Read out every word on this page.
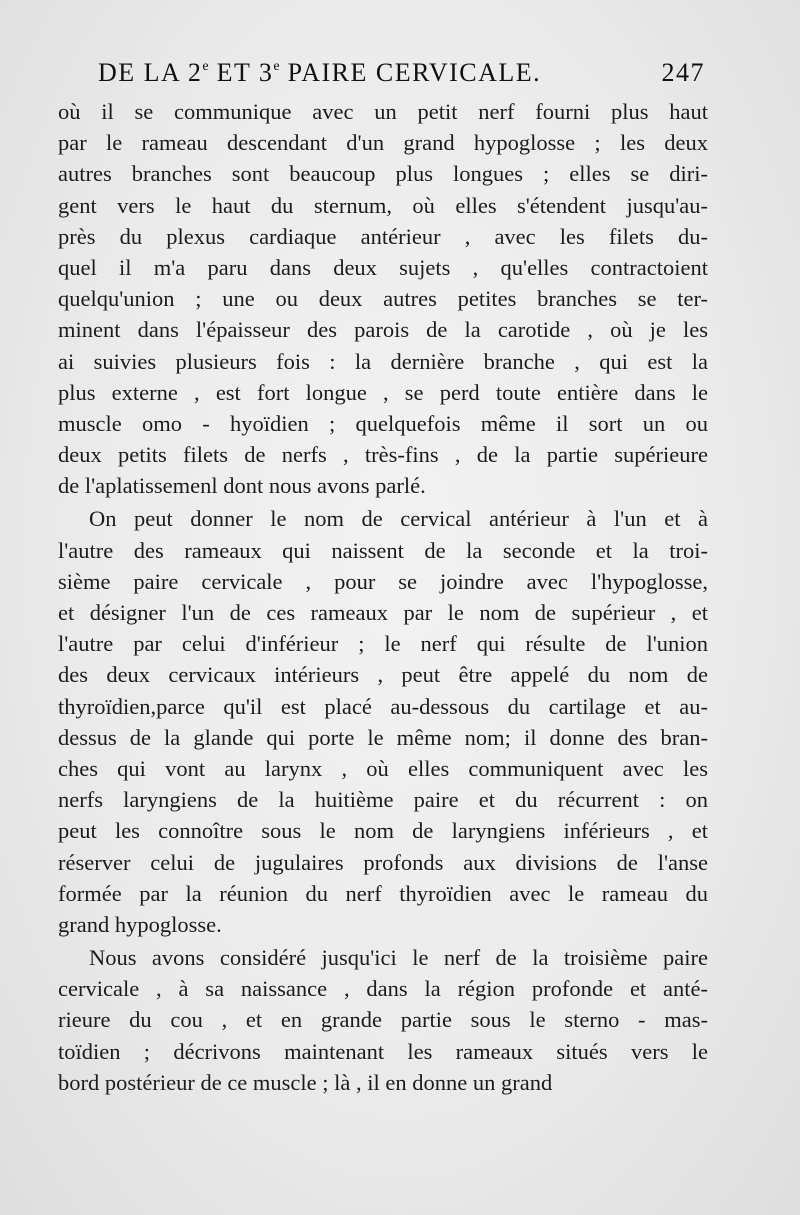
DE LA 2e ET 3e PAIRE CERVICALE.	247
où il se communique avec un petit nerf fourni plus haut
par le rameau descendant d'un grand hypoglosse ; les deux
autres branches sont beaucoup plus longues ; elles se diri-
gent vers le haut du sternum, où elles s'étendent jusqu'au-
près du plexus cardiaque antérieur , avec les filets du-
quel il m'a paru dans deux sujets , qu'elles contractoient
quelqu'union ; une ou deux autres petites branches se ter-
minent dans l'épaisseur des parois de la carotide , où je les
ai suivies plusieurs fois : la dernière branche , qui est la
plus externe , est fort longue , se perd toute entière dans le
muscle omo - hyoïdien ; quelquefois même il sort un ou
deux petits filets de nerfs , très-fins , de la partie supérieure
de l'aplatissemenl dont nous avons parlé.
On peut donner le nom de cervical antérieur à l'un et à
l'autre des rameaux qui naissent de la seconde et la troi-
sième paire cervicale , pour se joindre avec l'hypoglosse,
et désigner l'un de ces rameaux par le nom de supérieur , et
l'autre par celui d'inférieur ; le nerf qui résulte de l'union
des deux cervicaux intérieurs , peut être appelé du nom de
thyroïdien,parce qu'il est placé au-dessous du cartilage et au-
dessus de la glande qui porte le même nom; il donne des bran-
ches qui vont au larynx , où elles communiquent avec les
nerfs laryngiens de la huitième paire et du récurrent : on
peut les connoître sous le nom de laryngiens inférieurs , et
réserver celui de jugulaires profonds aux divisions de l'anse
formée par la réunion du nerf thyroïdien avec le rameau du
grand hypoglosse.
Nous avons considéré jusqu'ici le nerf de la troisième paire
cervicale , à sa naissance , dans la région profonde et anté-
rieure du cou , et en grande partie sous le sterno - mas-
toïdien ; décrivons maintenant les rameaux situés vers le
bord postérieur de ce muscle ; là , il en donne un grand
